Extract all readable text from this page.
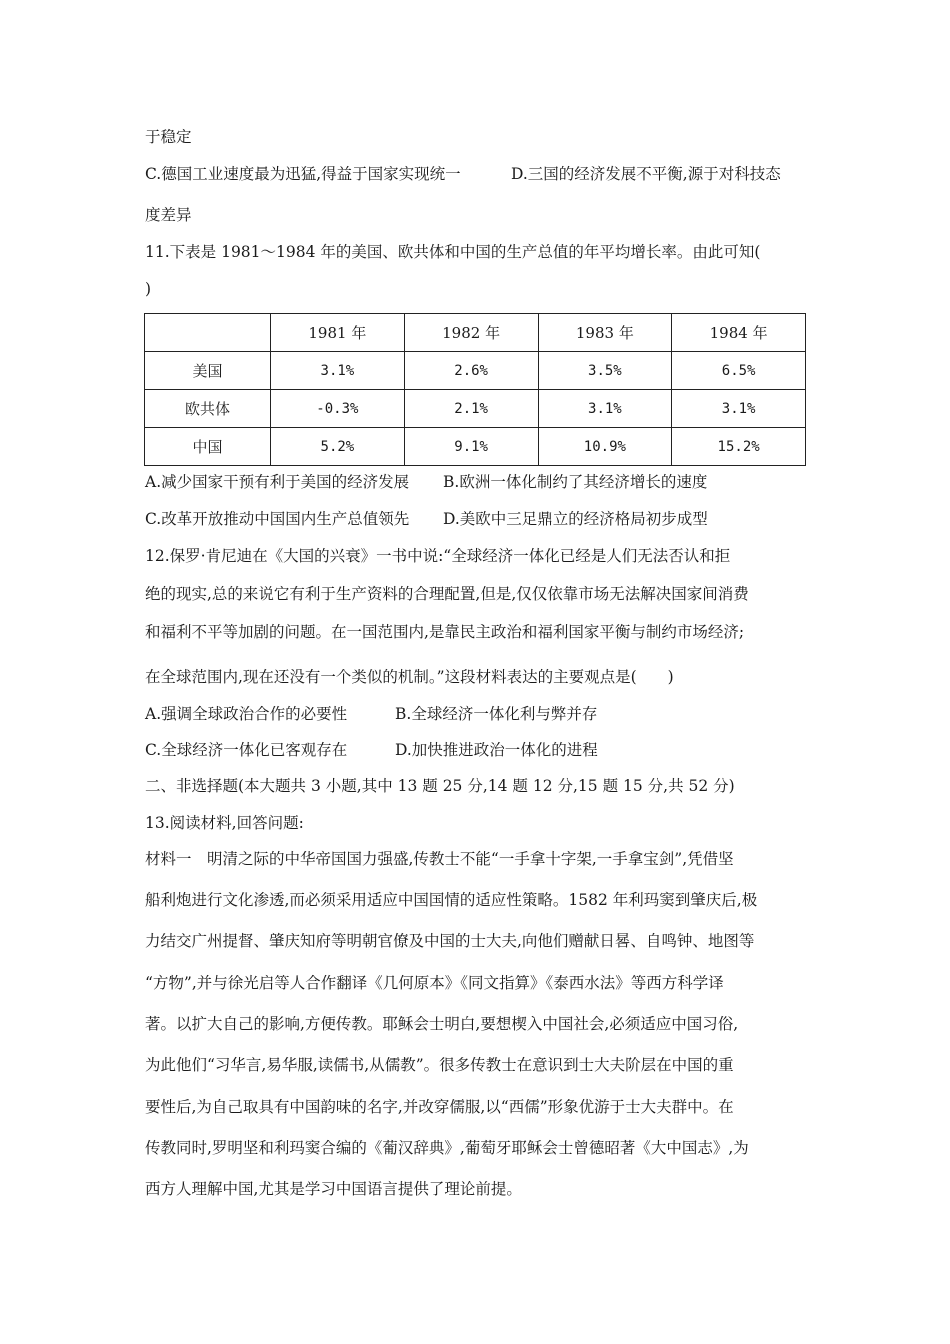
于稳定
C.德国工业速度最为迅猛,得益于国家实现统一	D.三国的经济发展不平衡,源于对科技态
度差异
11.下表是 1981～1984 年的美国、欧共体和中国的生产总值的年平均增长率。由此可知(
)
	1981 年	1982 年	1983 年	1984 年
美国	3.1%	2.6%	3.5%	6.5%
欧共体	-0.3%	2.1%	3.1%	3.1%
中国	5.2%	9.1%	10.9%	15.2%
A.减少国家干预有利于美国的经济发展 B.欧洲一体化制约了其经济增长的速度
C.改革开放推动中国国内生产总值领先 D.美欧中三足鼎立的经济格局初步成型
12.保罗·肯尼迪在《大国的兴衰》一书中说:“全球经济一体化已经是人们无法否认和拒
绝的现实,总的来说它有利于生产资料的合理配置,但是,仅仅依靠市场无法解决国家间消费
和福利不平等加剧的问题。在一国范围内,是靠民主政治和福利国家平衡与制约市场经济;
在全球范围内,现在还没有一个类似的机制。”这段材料表达的主要观点是(　　)
A.强调全球政治合作的必要性	B.全球经济一体化利与弊并存
C.全球经济一体化已客观存在	D.加快推进政治一体化的进程
二、非选择题(本大题共 3 小题,其中 13 题 25 分,14 题 12 分,15 题 15 分,共 52 分)
13.阅读材料,回答问题:
材料一　明清之际的中华帝国国力强盛,传教士不能“一手拿十字架,一手拿宝剑”,凭借坚
船利炮进行文化渗透,而必须采用适应中国国情的适应性策略。1582 年利玛窦到肇庆后,极
力结交广州提督、肇庆知府等明朝官僚及中国的士大夫,向他们赠献日晷、自鸣钟、地图等
“方物”,并与徐光启等人合作翻译《几何原本》《同文指算》《泰西水法》等西方科学译
著。以扩大自己的影响,方便传教。耶稣会士明白,要想楔入中国社会,必须适应中国习俗,
为此他们“习华言,易华服,读儒书,从儒教”。很多传教士在意识到士大夫阶层在中国的重
要性后,为自己取具有中国韵味的名字,并改穿儒服,以“西儒”形象优游于士大夫群中。在
传教同时,罗明坚和利玛窦合编的《葡汉辞典》,葡萄牙耶稣会士曾德昭著《大中国志》,为
西方人理解中国,尤其是学习中国语言提供了理论前提。
